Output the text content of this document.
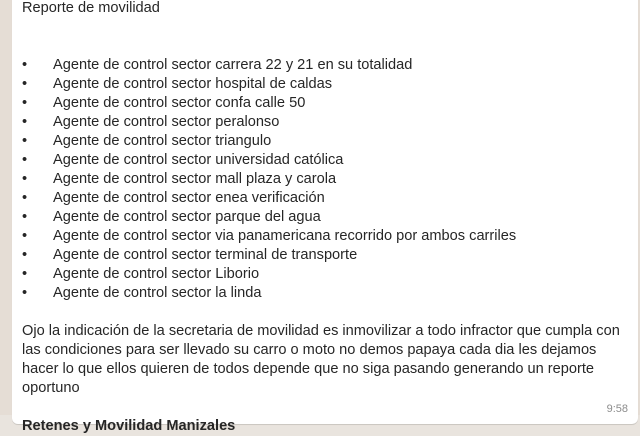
Reporte de movilidad
• Agente de control sector carrera 22 y 21 en su totalidad
• Agente de control sector hospital de caldas
• Agente de control sector confa calle 50
• Agente de control sector peralonso
• Agente de control sector triangulo
• Agente de control sector universidad católica
• Agente de control sector mall plaza y carola
• Agente de control sector enea verificación
• Agente de control sector parque del agua
• Agente de control sector via panamericana recorrido por ambos carriles
• Agente de control sector terminal de transporte
• Agente de control sector Liborio
• Agente de control sector la linda
Ojo la indicación de la secretaria de movilidad es inmovilizar a todo infractor que cumpla con las condiciones para ser llevado su carro o moto no demos papaya cada dia les dejamos hacer lo que ellos quieren de todos depende que no siga pasando generando un reporte oportuno
Retenes y Movilidad Manizales	9:58
